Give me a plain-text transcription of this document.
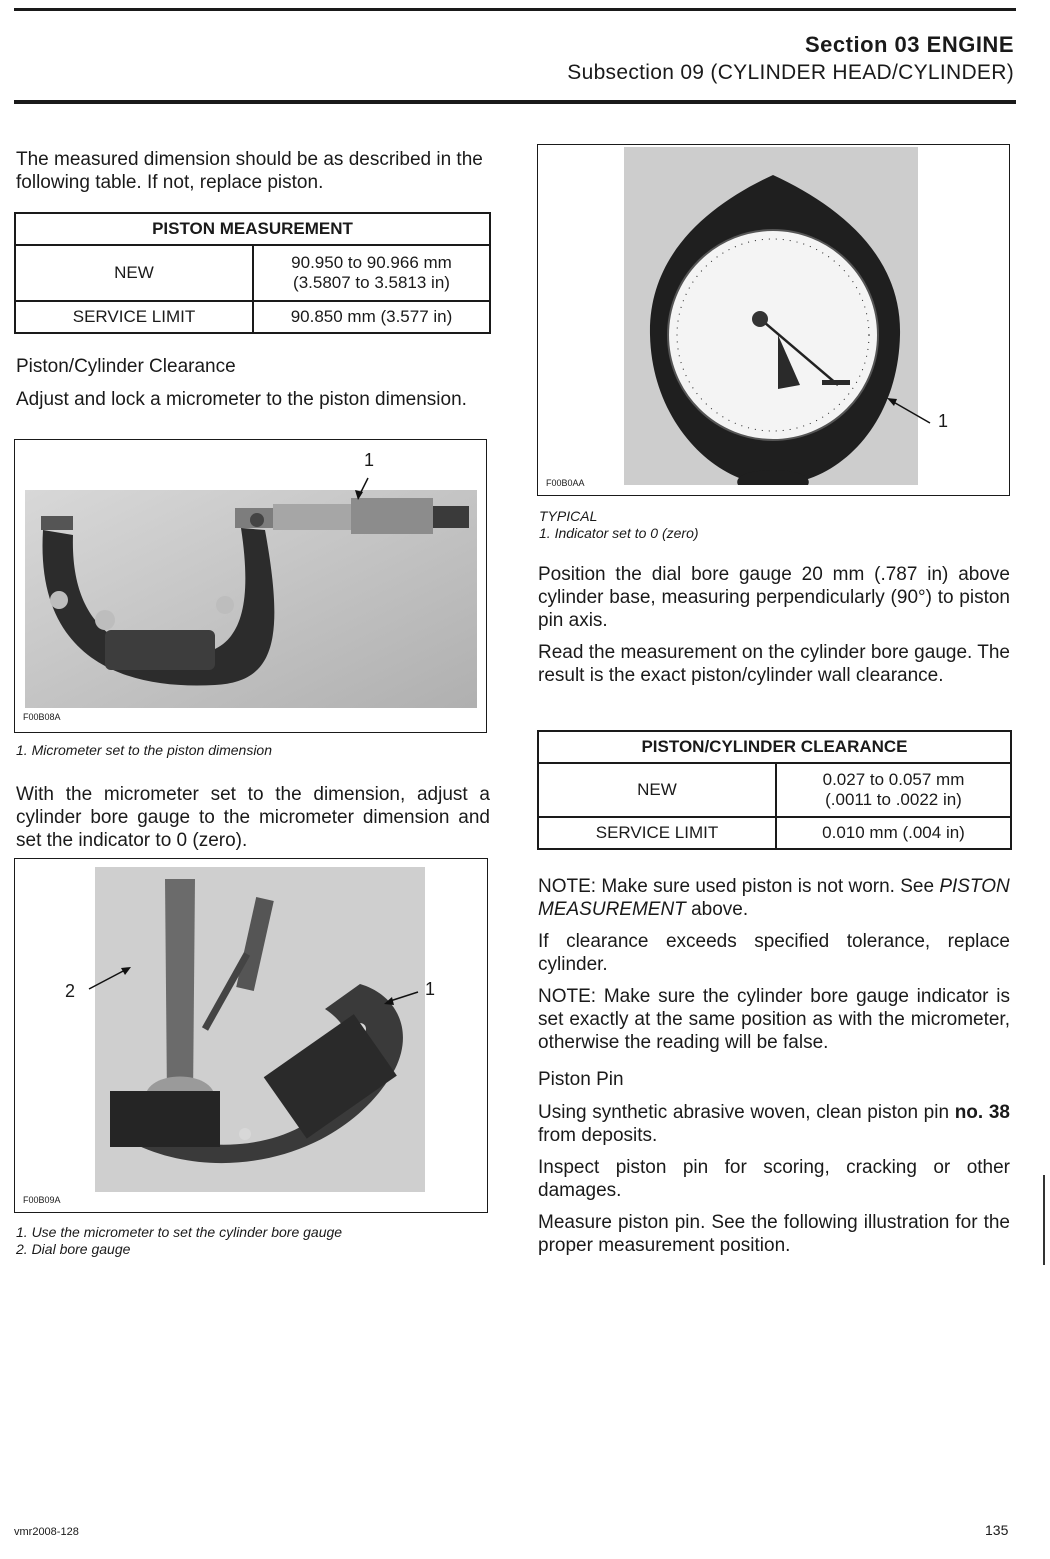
Section 03 ENGINE
Subsection 09 (CYLINDER HEAD/CYLINDER)
The measured dimension should be as described in the following table. If not, replace piston.
PISTON MEASUREMENT	
NEW	90.950 to 90.966 mm
(3.5807 to 3.5813 in)

SERVICE LIMIT	90.850 mm (3.577 in)
Piston/Cylinder Clearance
Adjust and lock a micrometer to the piston dimension.
1
F00B08A
1. Micrometer set to the piston dimension
With the micrometer set to the dimension, adjust a cylinder bore gauge to the micrometer dimension and set the indicator to 0 (zero).
2	1
F00B09A
1. Use the micrometer to set the cylinder bore gauge
2. Dial bore gauge
1
F00B0AA
TYPICAL
1. Indicator set to 0 (zero)
Position the dial bore gauge 20 mm (.787 in) above cylinder base, measuring perpendicularly (90°) to piston pin axis.
Read the measurement on the cylinder bore gauge. The result is the exact piston/cylinder wall clearance.
PISTON/CYLINDER CLEARANCE	
NEW	0.027 to 0.057 mm
(.0011 to .0022 in)

SERVICE LIMIT	0.010 mm (.004 in)
NOTE: Make sure used piston is not worn. See PISTON MEASUREMENT above.
If clearance exceeds specified tolerance, replace cylinder.
NOTE: Make sure the cylinder bore gauge indicator is set exactly at the same position as with the micrometer, otherwise the reading will be false.
Piston Pin
Using synthetic abrasive woven, clean piston pin no. 38 from deposits.
Inspect piston pin for scoring, cracking or other damages.
Measure piston pin. See the following illustration for the proper measurement position.
vmr2008-128	135
